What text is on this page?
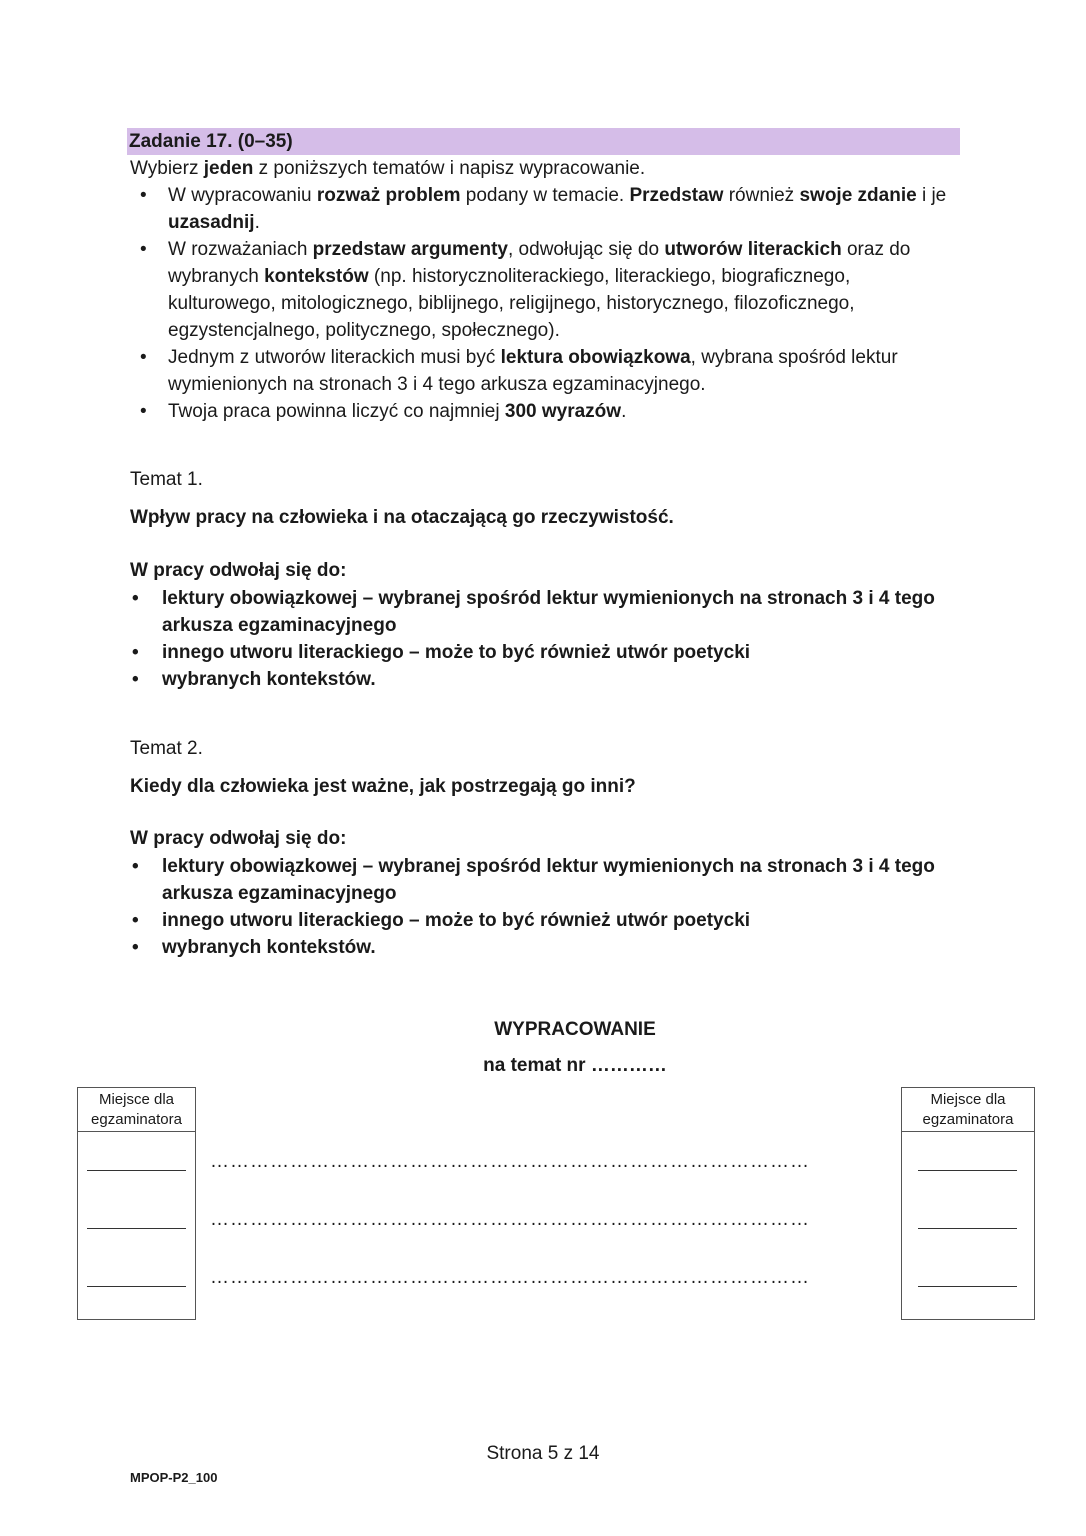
Zadanie 17. (0–35)
Wybierz jeden z poniższych tematów i napisz wypracowanie.
• W wypracowaniu rozważ problem podany w temacie. Przedstaw również swoje zdanie i je uzasadnij.
• W rozważaniach przedstaw argumenty, odwołując się do utworów literackich oraz do wybranych kontekstów (np. historycznoliterackiego, literackiego, biograficznego, kulturowego, mitologicznego, biblijnego, religijnego, historycznego, filozoficznego, egzystencjalnego, politycznego, społecznego).
• Jednym z utworów literackich musi być lektura obowiązkowa, wybrana spośród lektur wymienionych na stronach 3 i 4 tego arkusza egzaminacyjnego.
• Twoja praca powinna liczyć co najmniej 300 wyrazów.
Temat 1.
Wpływ pracy na człowieka i na otaczającą go rzeczywistość.
W pracy odwołaj się do:
• lektury obowiązkowej – wybranej spośród lektur wymienionych na stronach 3 i 4 tego arkusza egzaminacyjnego
• innego utworu literackiego – może to być również utwór poetycki
• wybranych kontekstów.
Temat 2.
Kiedy dla człowieka jest ważne, jak postrzegają go inni?
W pracy odwołaj się do:
• lektury obowiązkowej – wybranej spośród lektur wymienionych na stronach 3 i 4 tego arkusza egzaminacyjnego
• innego utworu literackiego – może to być również utwór poetycki
• wybranych kontekstów.
WYPRACOWANIE
na temat nr …………
Miejsce dla egzaminatora
………………………………………………………………………………
………………………………………………………………………………
………………………………………………………………………………
Miejsce dla egzaminatora
Strona 5 z 14
MPOP-P2_100
